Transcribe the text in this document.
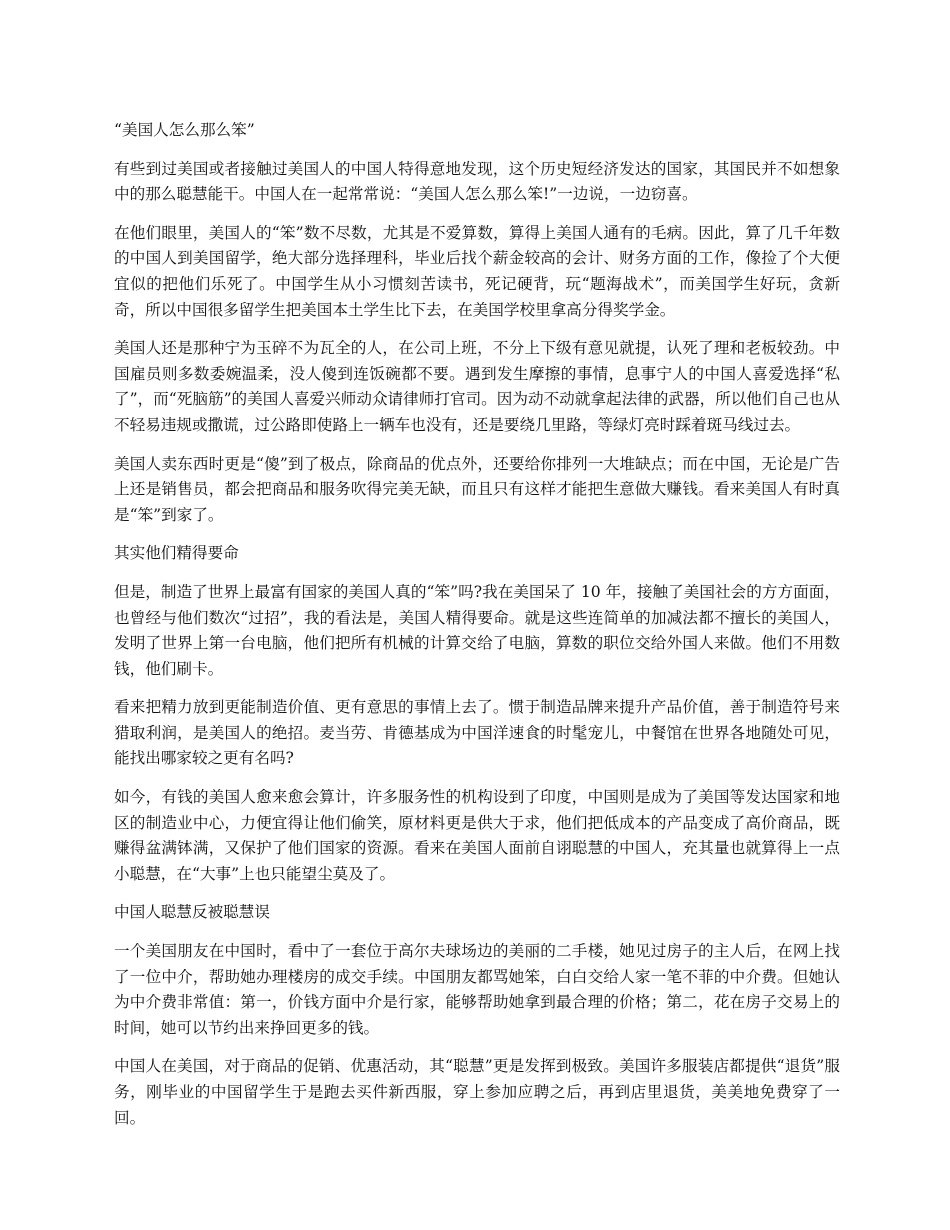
“美国人怎么那么笨”
有些到过美国或者接触过美国人的中国人特得意地发现，这个历史短经济发达的国家，其国民并不如想象中的那么聪慧能干。中国人在一起常常说：“美国人怎么那么笨!”一边说，一边窃喜。
在他们眼里，美国人的“笨”数不尽数，尤其是不爱算数，算得上美国人通有的毛病。因此，算了几千年数的中国人到美国留学，绝大部分选择理科，毕业后找个薪金较高的会计、财务方面的工作，像捡了个大便宜似的把他们乐死了。中国学生从小习惯刻苦读书，死记硬背，玩“题海战术”，而美国学生好玩，贪新奇，所以中国很多留学生把美国本土学生比下去，在美国学校里拿高分得奖学金。
美国人还是那种宁为玉碎不为瓦全的人，在公司上班，不分上下级有意见就提，认死了理和老板较劲。中国雇员则多数委婉温柔，没人傻到连饭碗都不要。遇到发生摩擦的事情，息事宁人的中国人喜爱选择“私了”，而“死脑筋”的美国人喜爱兴师动众请律师打官司。因为动不动就拿起法律的武器，所以他们自己也从不轻易违规或撒谎，过公路即使路上一辆车也没有，还是要绕几里路，等绿灯亮时踩着斑马线过去。
美国人卖东西时更是“傻”到了极点，除商品的优点外，还要给你排列一大堆缺点；而在中国，无论是广告上还是销售员，都会把商品和服务吹得完美无缺，而且只有这样才能把生意做大赚钱。看来美国人有时真是“笨”到家了。
其实他们精得要命
但是，制造了世界上最富有国家的美国人真的“笨”吗?我在美国呆了 10 年，接触了美国社会的方方面面，也曾经与他们数次“过招”，我的看法是，美国人精得要命。就是这些连简单的加减法都不擅长的美国人，发明了世界上第一台电脑，他们把所有机械的计算交给了电脑，算数的职位交给外国人来做。他们不用数钱，他们刷卡。
看来把精力放到更能制造价值、更有意思的事情上去了。惯于制造品牌来提升产品价值，善于制造符号来猎取利润，是美国人的绝招。麦当劳、肯德基成为中国洋速食的时髦宠儿，中餐馆在世界各地随处可见，能找出哪家较之更有名吗?
如今，有钱的美国人愈来愈会算计，许多服务性的机构设到了印度，中国则是成为了美国等发达国家和地区的制造业中心，力便宜得让他们偷笑，原材料更是供大于求，他们把低成本的产品变成了高价商品，既赚得盆满钵满，又保护了他们国家的资源。看来在美国人面前自诩聪慧的中国人，充其量也就算得上一点小聪慧，在“大事”上也只能望尘莫及了。
中国人聪慧反被聪慧误
一个美国朋友在中国时，看中了一套位于高尔夫球场边的美丽的二手楼，她见过房子的主人后，在网上找了一位中介，帮助她办理楼房的成交手续。中国朋友都骂她笨，白白交给人家一笔不菲的中介费。但她认为中介费非常值：第一，价钱方面中介是行家，能够帮助她拿到最合理的价格；第二，花在房子交易上的时间，她可以节约出来挣回更多的钱。
中国人在美国，对于商品的促销、优惠活动，其“聪慧”更是发挥到极致。美国许多服装店都提供“退货”服务，刚毕业的中国留学生于是跑去买件新西服，穿上参加应聘之后，再到店里退货，美美地免费穿了一回。
